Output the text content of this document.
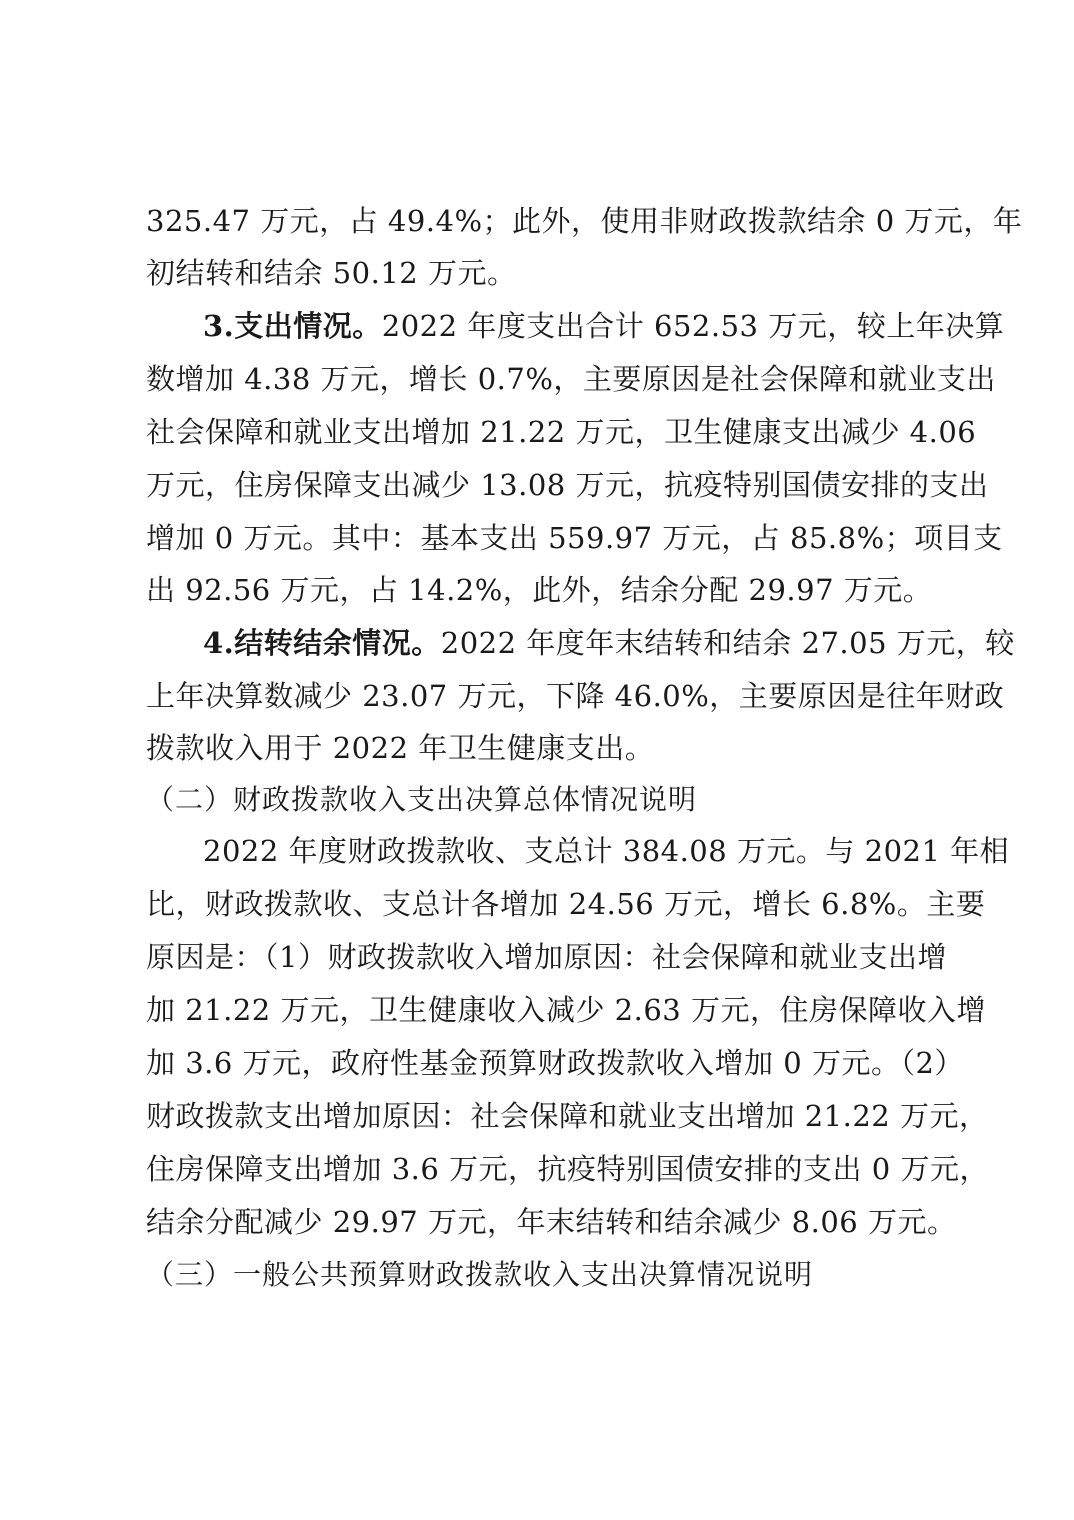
325.47 万元，占 49.4%；此外，使用非财政拨款结余 0 万元，年
初结转和结余 50.12 万元。
3.支出情况。2022 年度支出合计 652.53 万元，较上年决算
数增加 4.38 万元，增长 0.7%，主要原因是社会保障和就业支出
社会保障和就业支出增加 21.22 万元，卫生健康支出减少 4.06
万元，住房保障支出减少 13.08 万元，抗疫特别国债安排的支出
增加 0 万元。其中：基本支出 559.97 万元，占 85.8%；项目支
出 92.56 万元，占 14.2%，此外，结余分配 29.97 万元。
4.结转结余情况。2022 年度年末结转和结余 27.05 万元，较
上年决算数减少 23.07 万元，下降 46.0%，主要原因是往年财政
拨款收入用于 2022 年卫生健康支出。
（二）财政拨款收入支出决算总体情况说明
2022 年度财政拨款收、支总计 384.08 万元。与 2021 年相
比，财政拨款收、支总计各增加 24.56 万元，增长 6.8%。主要
原因是：（1）财政拨款收入增加原因：社会保障和就业支出增
加 21.22 万元，卫生健康收入减少 2.63 万元，住房保障收入增
加 3.6 万元，政府性基金预算财政拨款收入增加 0 万元。（2）
财政拨款支出增加原因：社会保障和就业支出增加 21.22 万元，
住房保障支出增加 3.6 万元，抗疫特别国债安排的支出 0 万元，
结余分配减少 29.97 万元，年末结转和结余减少 8.06 万元。
（三）一般公共预算财政拨款收入支出决算情况说明
